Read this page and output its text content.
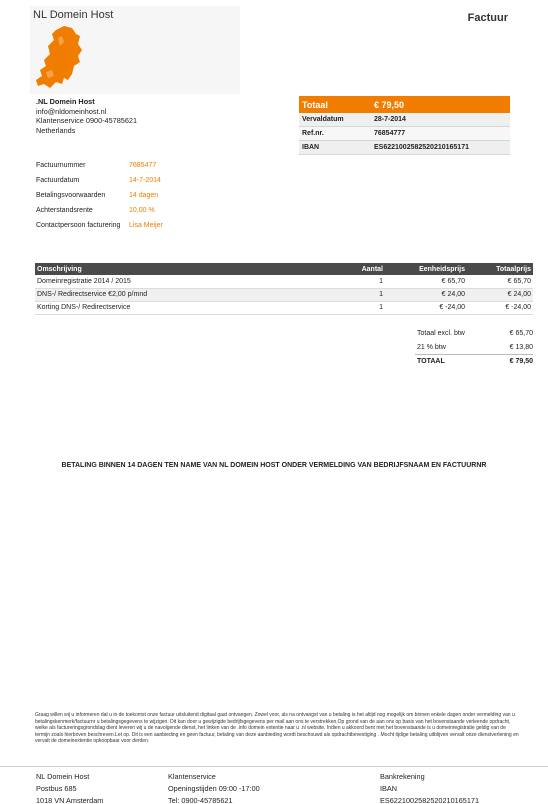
NL Domein Host	Factuur
.NL Domein Host
info@nldomeinhost.nl
Klantenservice 0900-45785621
Netherlands
Totaal	€ 79,50
Vervaldatum	28-7-2014
Ref.nr.	76854777
IBAN	ES6221002582520210165171
Factuurnummer	7685477
Factuurdatum	14-7-2014
Betalingsvoorwaarden	14 dagen
Achterstandsrente	10,00 %
Contactpersoon facturering	Lisa Meijer
Omschrijving	Aantal	Eenheidsprijs	Totaalprijs
Domeinregistratie 2014 / 2015	1	€ 65,70	€ 65,70
DNS-/ Redirectservice €2,00 p/mnd	1	€ 24,00	€ 24,00
Korting DNS-/ Redirectservice	1	€ -24,00	€ -24,00
Totaal excl. btw	€ 65,70
21 % btw	€ 13,80
TOTAAL	€ 79,50
BETALING BINNEN 14 DAGEN TEN NAME VAN NL DOMEIN HOST ONDER VERMELDING VAN BEDRIJFSNAAM EN FACTUURNR
Graag willen wij u informeren dat u in de toekomst onze factuur uitsluitend digitaal gaat ontvangen. Zowel voor, als na ontvangst van u betaling is het altijd nog mogelijk om binnen enkele dagen onder vermelding van u betalingskenmerk/factuurnr u betalingsgegevens te wijzigen. Dit kan door u gewijzigde bedrijfsgegevens per mail aan ons te verstrekken.Op grond van de aan ons op basis van het bovenstaande verleende opdracht, welke als factureringsgrondslag dient leveren wij u de navolgende dienst, het linken van de .info domein extentie naar u .nl website. Indien u akkoord bent met het bovenstaande is u domeinregistratie geldig van de termijn zoals hierboven beschreven.Let op. Dit is een aanbieding en geen factuur, betaling van deze aanbieding wordt beschouwd als opdrachtbevestiging . Mocht tijdige betaling uitblijven vervalt onze dienstverlening en vervalt de domeinextentie opkoopbaar voor derden.
NL Domein Host
Postbus 685
1018 VN Amsterdam
Klantenservice
Openingstijden 09:00 -17:00
Tel: 0900-45785621
Bankrekening
IBAN
ES6221002582520210165171
